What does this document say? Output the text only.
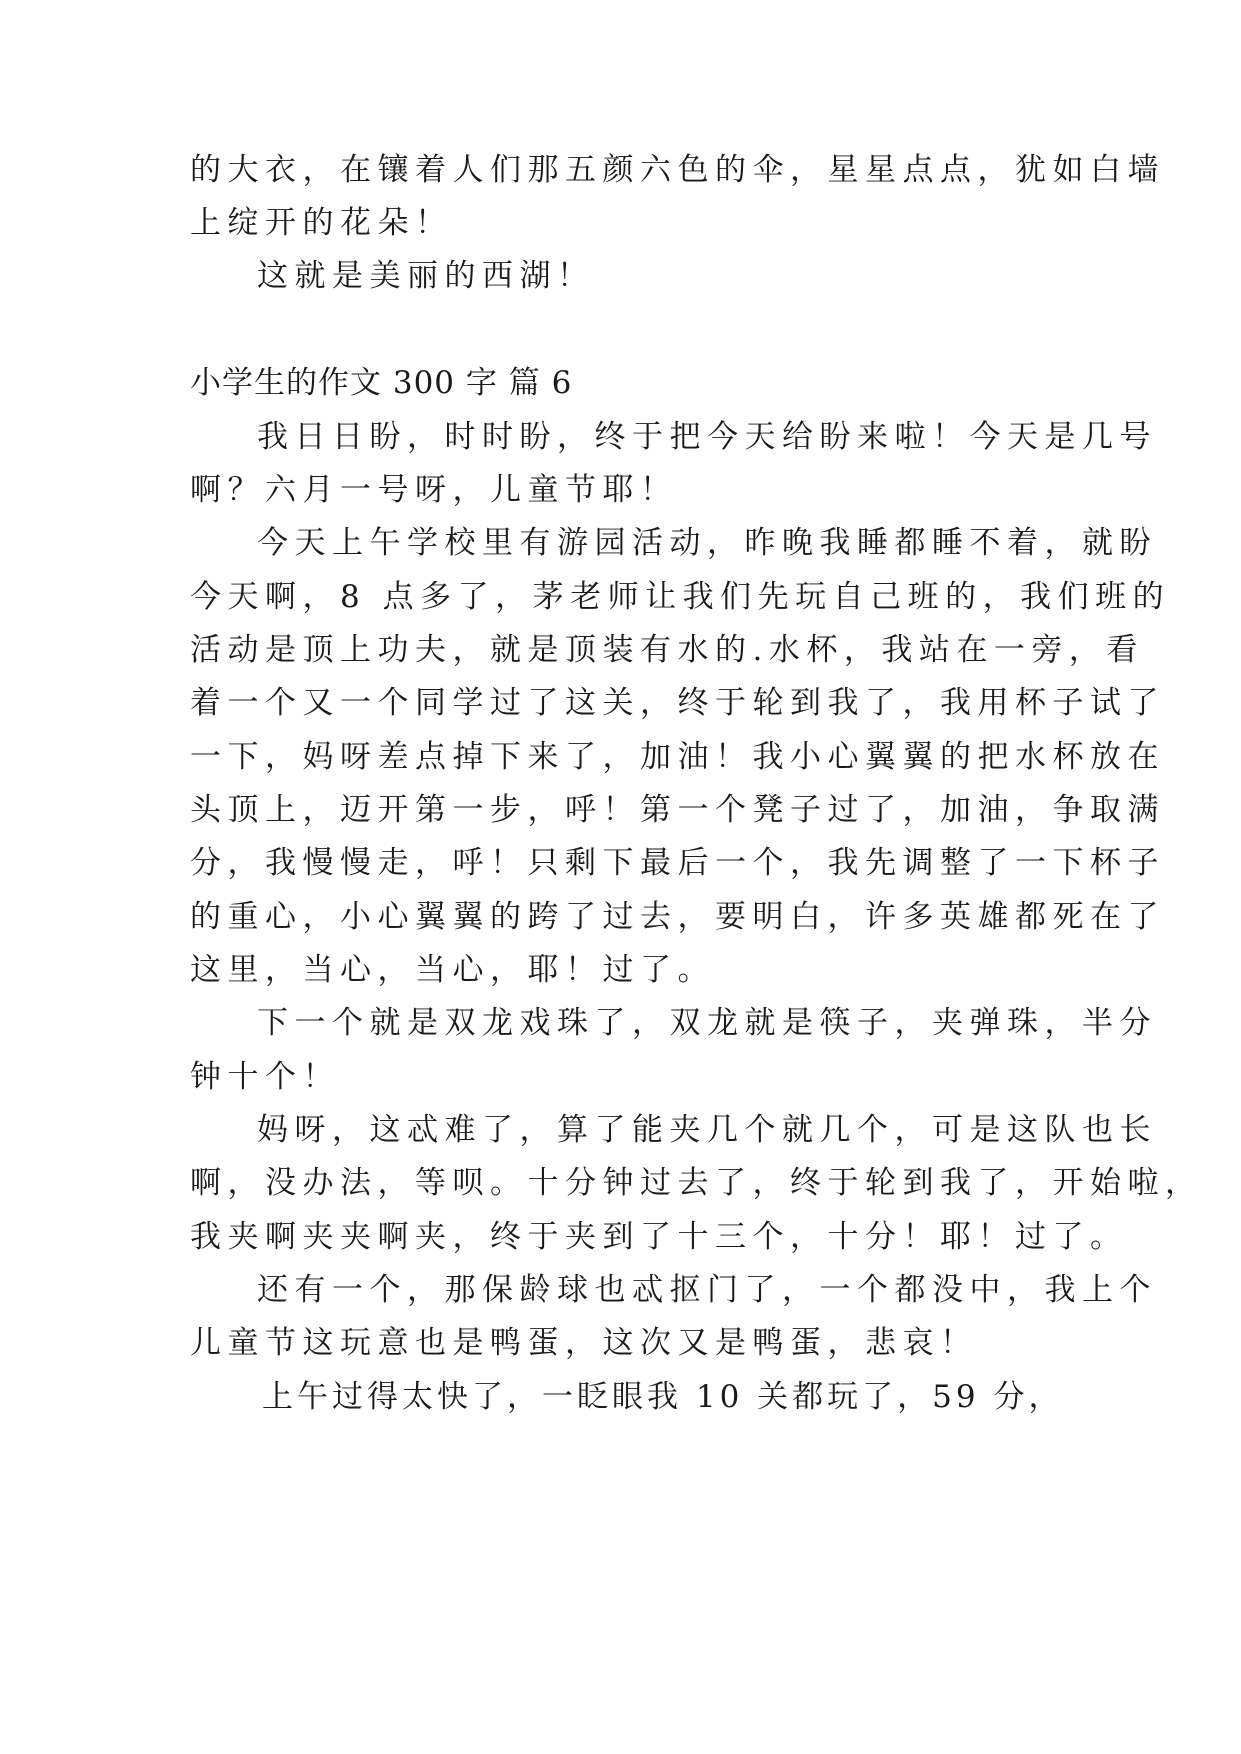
的大衣，在镶着人们那五颜六色的伞，星星点点，犹如白墙
上绽开的花朵！
这就是美丽的西湖！
小学生的作文 300 字 篇 6
我日日盼，时时盼，终于把今天给盼来啦！今天是几号
啊？六月一号呀，儿童节耶！
今天上午学校里有游园活动，昨晚我睡都睡不着，就盼
今天啊，8 点多了，茅老师让我们先玩自己班的，我们班的
活动是顶上功夫，就是顶装有水的.水杯，我站在一旁，看
着一个又一个同学过了这关，终于轮到我了，我用杯子试了
一下，妈呀差点掉下来了，加油！我小心翼翼的把水杯放在
头顶上，迈开第一步，呼！第一个凳子过了，加油，争取满
分，我慢慢走，呼！只剩下最后一个，我先调整了一下杯子
的重心，小心翼翼的跨了过去，要明白，许多英雄都死在了
这里，当心，当心，耶！过了。
下一个就是双龙戏珠了，双龙就是筷子，夹弹珠，半分
钟十个！
妈呀，这忒难了，算了能夹几个就几个，可是这队也长
啊，没办法，等呗。十分钟过去了，终于轮到我了，开始啦，
我夹啊夹夹啊夹，终于夹到了十三个，十分！耶！过了。
还有一个，那保龄球也忒抠门了，一个都没中，我上个
儿童节这玩意也是鸭蛋，这次又是鸭蛋，悲哀！
上午过得太快了，一眨眼我 10 关都玩了，59 分，
